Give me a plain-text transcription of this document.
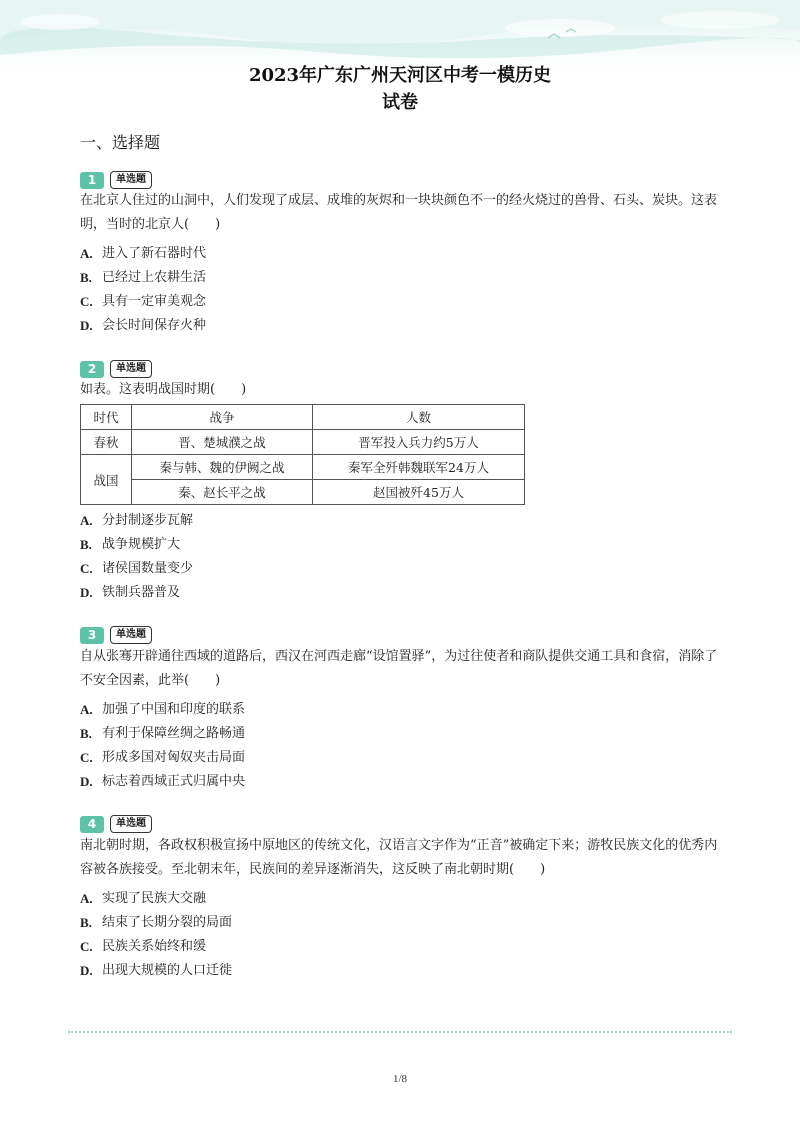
2023年广东广州天河区中考一模历史
试卷
一、选择题
1	单选题

在北京人住过的山洞中，人们发现了成层、成堆的灰烬和一块块颜色不一的经火烧过的兽骨、石头、炭块。这表明，当时的北京人(　　)

A. 进入了新石器时代
B. 已经过上农耕生活
C. 具有一定审美观念
D. 会长时间保存火种
2	单选题

如表。这表明战国时期(　　)

时代	战争	人数
春秋	晋、楚城濮之战	晋军投入兵力约5万人
战国	秦与韩、魏的伊阙之战	秦军全歼韩魏联军24万人
	秦、赵长平之战	赵国被歼45万人
A. 分封制逐步瓦解
B. 战争规模扩大
C. 诸侯国数量变少
D. 铁制兵器普及
3	单选题

自从张骞开辟通往西域的道路后，西汉在河西走廊“设馆置驿”，为过往使者和商队提供交通工具和食宿，消除了不安全因素，此举(　　)

A. 加强了中国和印度的联系
B. 有利于保障丝绸之路畅通
C. 形成多国对匈奴夹击局面
D. 标志着西域正式归属中央
4	单选题

南北朝时期，各政权积极宣扬中原地区的传统文化，汉语言文字作为“正音”被确定下来；游牧民族文化的优秀内容被各族接受。至北朝末年，民族间的差异逐渐消失，这反映了南北朝时期(　　)

A. 实现了民族大交融
B. 结束了长期分裂的局面
C. 民族关系始终和缓
D. 出现大规模的人口迁徙
1/8
